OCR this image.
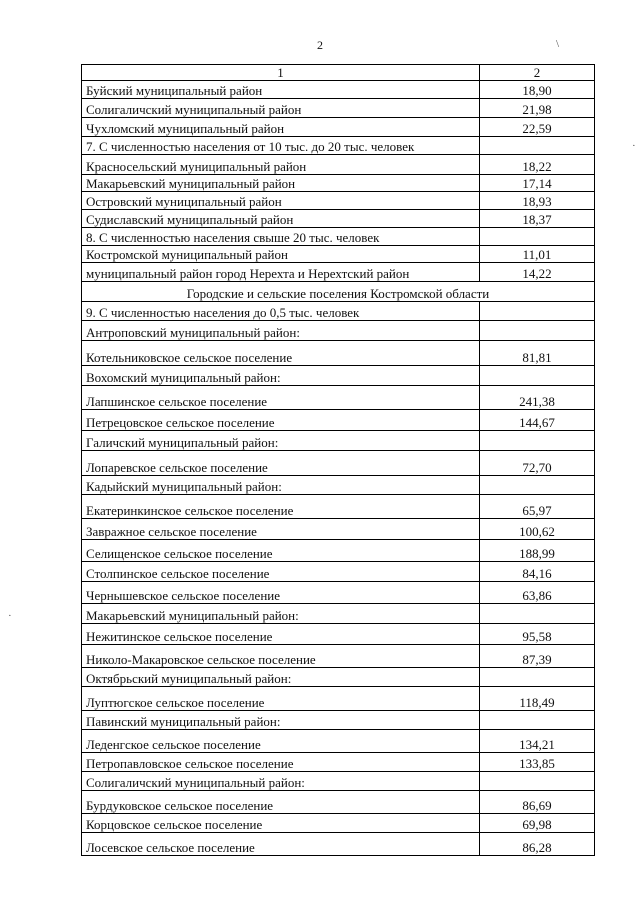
2	\
·
·
1	2
Буйский муниципальный район	18,90
Солигаличский муниципальный район	21,98
Чухломский муниципальный район	22,59
7. С численностью населения от 10 тыс. до 20 тыс. человек	
Красносельский муниципальный район	18,22
Макарьевский муниципальный район	17,14
Островский муниципальный район	18,93
Судиславский муниципальный район	18,37
8. С численностью населения свыше 20 тыс. человек	
Костромской муниципальный район	11,01
муниципальный район город Нерехта и Нерехтский район	14,22
Городские и сельские поселения Костромской области	
9. С численностью населения до 0,5 тыс. человек	
Антроповский муниципальный район:	
Котельниковское сельское поселение	81,81
Вохомский муниципальный район:	
Лапшинское сельское поселение	241,38
Петрецовское сельское поселение	144,67
Галичский муниципальный район:	
Лопаревское сельское поселение	72,70
Кадыйский муниципальный район:	
Екатеринкинское сельское поселение	65,97
Завражное сельское поселение	100,62
Селищенское сельское поселение	188,99
Столпинское сельское поселение	84,16
Чернышевское сельское поселение	63,86
Макарьевский муниципальный район:	
Нежитинское сельское поселение	95,58
Николо-Макаровское сельское поселение	87,39
Октябрьский муниципальный район:	
Луптюгское сельское поселение	118,49
Павинский муниципальный район:	
Леденгское сельское поселение	134,21
Петропавловское сельское поселение	133,85
Солигаличский муниципальный район:	
Бурдуковское сельское поселение	86,69
Корцовское сельское поселение	69,98
Лосевское сельское поселение	86,28
